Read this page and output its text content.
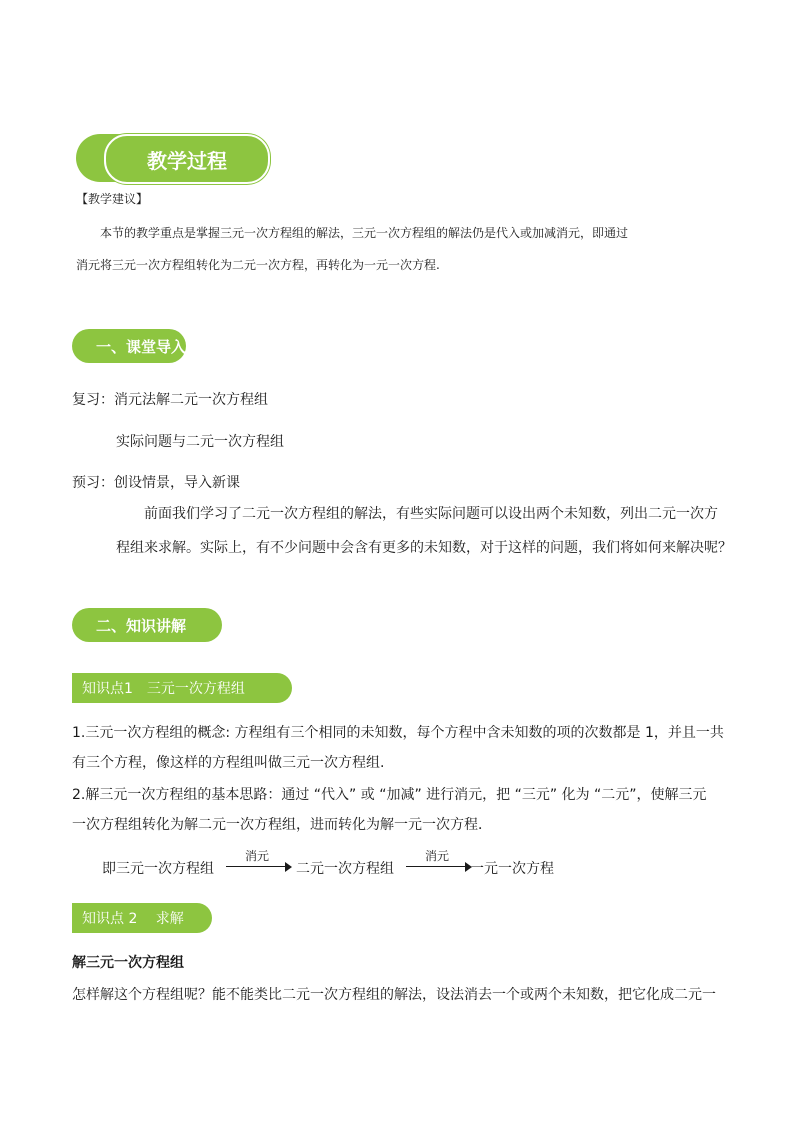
教学过程
【教学建议】
本节的教学重点是掌握三元一次方程组的解法，三元一次方程组的解法仍是代入或加减消元，即通过
消元将三元一次方程组转化为二元一次方程，再转化为一元一次方程.
一、课堂导入
复习：消元法解二元一次方程组
实际问题与二元一次方程组
预习：创设情景，导入新课
前面我们学习了二元一次方程组的解法，有些实际问题可以设出两个未知数，列出二元一次方
程组来求解。实际上，有不少问题中会含有更多的未知数，对于这样的问题，我们将如何来解决呢？
二、知识讲解
知识点1　三元一次方程组
1.三元一次方程组的概念: 方程组有三个相同的未知数，每个方程中含未知数的项的次数都是 1，并且一共
有三个方程，像这样的方程组叫做三元一次方程组.
2.解三元一次方程组的基本思路：通过 “代入” 或 “加减” 进行消元，把 “三元” 化为 “二元”，使解三元
一次方程组转化为解二元一次方程组，进而转化为解一元一次方程．
即三元一次方程组
消元
二元一次方程组
消元
一元一次方程
知识点 2　 求解
解三元一次方程组
怎样解这个方程组呢？能不能类比二元一次方程组的解法，设法消去一个或两个未知数，把它化成二元一
